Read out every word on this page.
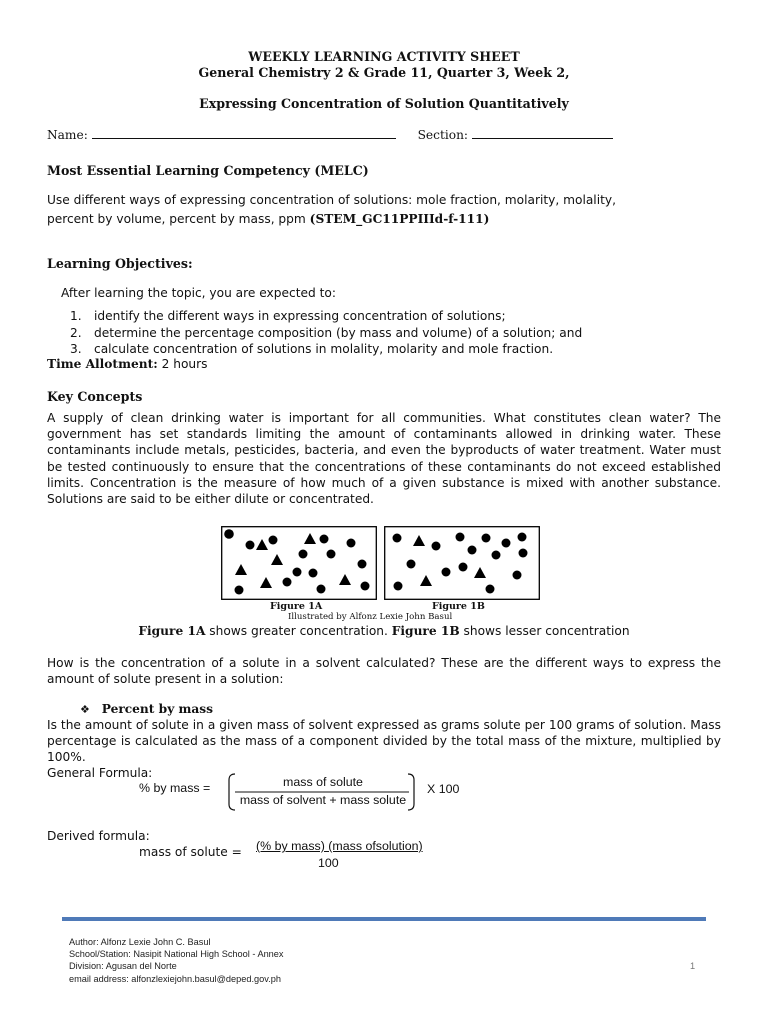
WEEKLY LEARNING ACTIVITY SHEET
General Chemistry 2 & Grade 11, Quarter 3, Week 2,
Expressing Concentration of Solution Quantitatively
Name:	Section:
Most Essential Learning Competency (MELC)
Use different ways of expressing concentration of solutions: mole fraction, molarity, molality,
percent by volume, percent by mass, ppm (STEM_GC11PPIIId-f-111)
Learning Objectives:
After learning the topic, you are expected to:
1.	identify the different ways in expressing concentration of solutions;
2.	determine the percentage composition (by mass and volume) of a solution; and
3.	calculate concentration of solutions in molality, molarity and mole fraction.
Time Allotment: 2 hours
Key Concepts
A supply of clean drinking water is important for all communities. What constitutes clean water? The government has set standards limiting the amount of contaminants allowed in drinking water. These contaminants include metals, pesticides, bacteria, and even the byproducts of water treatment. Water must be tested continuously to ensure that the concentrations of these contaminants do not exceed established limits. Concentration is the measure of how much of a given substance is mixed with another substance. Solutions are said to be either dilute or concentrated.
Figure 1A	Figure 1B
Illustrated by Alfonz Lexie John Basul
Figure 1A shows greater concentration. Figure 1B shows lesser concentration
How is the concentration of a solute in a solvent calculated? These are the different ways to express the amount of solute present in a solution:
❖ Percent by mass
Is the amount of solute in a given mass of solvent expressed as grams solute per 100 grams of solution. Mass percentage is calculated as the mass of a component divided by the total mass of the mixture, multiplied by 100%.
General Formula:
% by mass =	mass of solute
mass of solvent + mass solute
X 100
Derived formula:
mass of solute = (% by mass) (mass ofsolution)
100
Author: Alfonz Lexie John C. Basul
School/Station: Nasipit National High School - Annex
Division: Agusan del Norte
email address: alfonzlexiejohn.basul@deped.gov.ph
1
